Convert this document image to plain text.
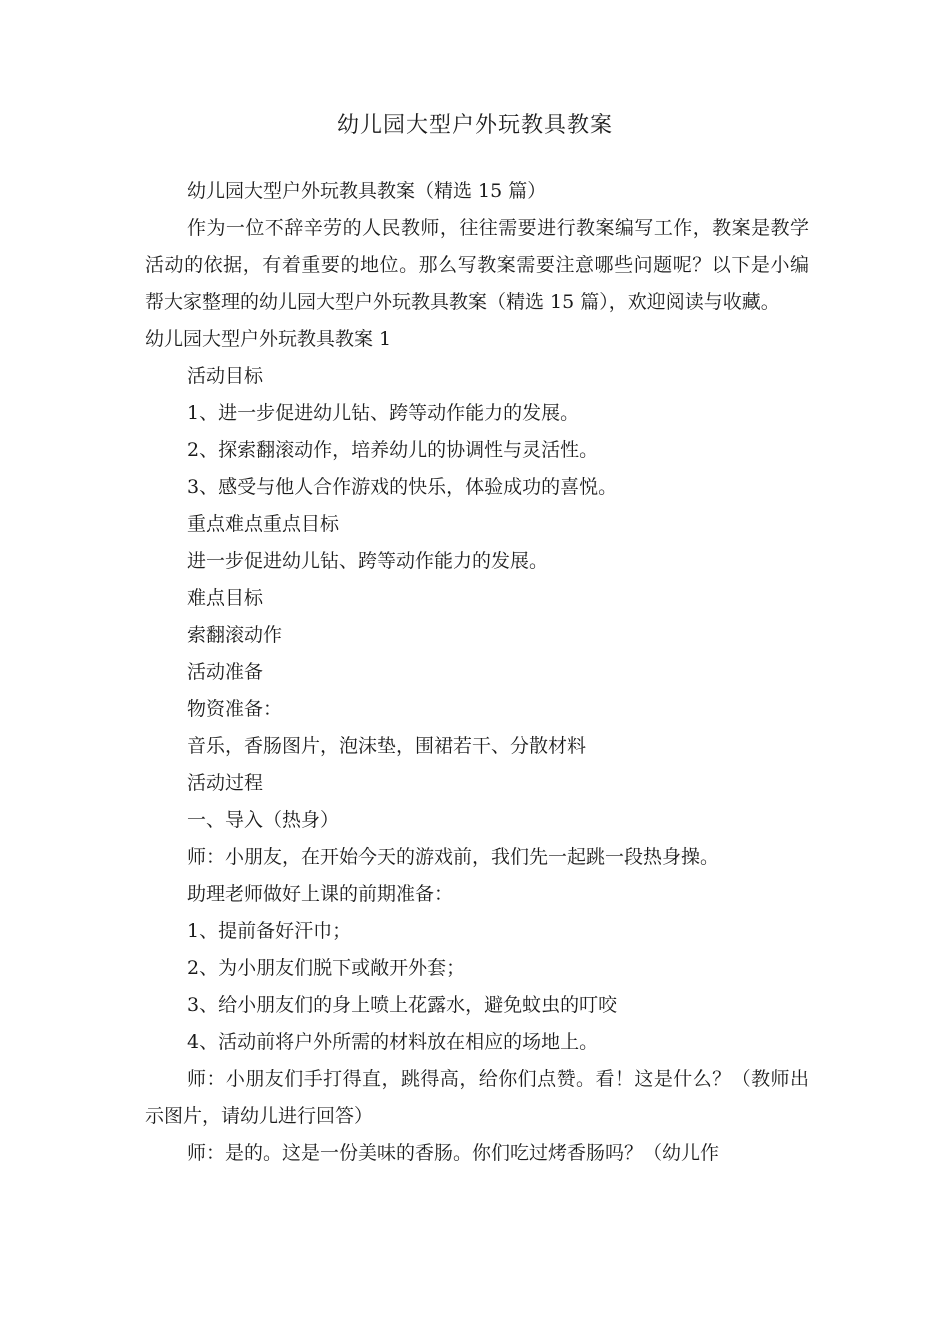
幼儿园大型户外玩教具教案

幼儿园大型户外玩教具教案（精选 15 篇）

作为一位不辞辛劳的人民教师，往往需要进行教案编写工作，教案是教学活动的依据，有着重要的地位。那么写教案需要注意哪些问题呢？以下是小编帮大家整理的幼儿园大型户外玩教具教案（精选 15 篇），欢迎阅读与收藏。

幼儿园大型户外玩教具教案 1

活动目标

1、进一步促进幼儿钻、跨等动作能力的发展。

2、探索翻滚动作，培养幼儿的协调性与灵活性。

3、感受与他人合作游戏的快乐，体验成功的喜悦。

重点难点重点目标

进一步促进幼儿钻、跨等动作能力的发展。

难点目标

索翻滚动作

活动准备

物资准备：

音乐，香肠图片，泡沫垫，围裙若干、分散材料

活动过程

一、导入（热身）

师：小朋友，在开始今天的游戏前，我们先一起跳一段热身操。

助理老师做好上课的前期准备：

1、提前备好汗巾；

2、为小朋友们脱下或敞开外套；

3、给小朋友们的身上喷上花露水，避免蚊虫的叮咬

4、活动前将户外所需的材料放在相应的场地上。

师：小朋友们手打得直，跳得高，给你们点赞。看！这是什么？（教师出示图片，请幼儿进行回答）

师：是的。这是一份美味的香肠。你们吃过烤香肠吗？（幼儿作
